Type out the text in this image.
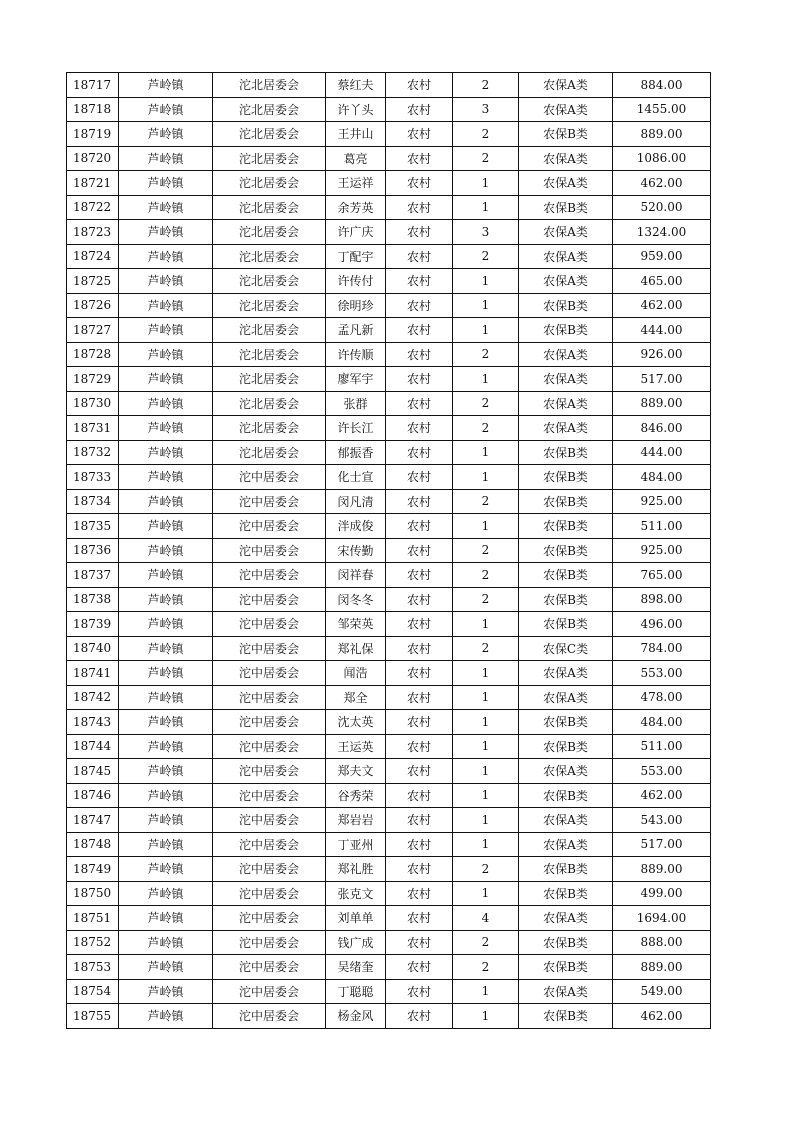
18717	芦岭镇	沱北居委会	蔡红夫	农村	2	农保A类	884.00
18718	芦岭镇	沱北居委会	许丫头	农村	3	农保A类	1455.00
18719	芦岭镇	沱北居委会	王井山	农村	2	农保B类	889.00
18720	芦岭镇	沱北居委会	葛亮	农村	2	农保A类	1086.00
18721	芦岭镇	沱北居委会	王运祥	农村	1	农保A类	462.00
18722	芦岭镇	沱北居委会	余芳英	农村	1	农保B类	520.00
18723	芦岭镇	沱北居委会	许广庆	农村	3	农保A类	1324.00
18724	芦岭镇	沱北居委会	丁配宇	农村	2	农保A类	959.00
18725	芦岭镇	沱北居委会	许传付	农村	1	农保A类	465.00
18726	芦岭镇	沱北居委会	徐明珍	农村	1	农保B类	462.00
18727	芦岭镇	沱北居委会	孟凡新	农村	1	农保B类	444.00
18728	芦岭镇	沱北居委会	许传顺	农村	2	农保A类	926.00
18729	芦岭镇	沱北居委会	廖军宇	农村	1	农保A类	517.00
18730	芦岭镇	沱北居委会	张群	农村	2	农保A类	889.00
18731	芦岭镇	沱北居委会	许长江	农村	2	农保A类	846.00
18732	芦岭镇	沱北居委会	郁振香	农村	1	农保B类	444.00
18733	芦岭镇	沱中居委会	化士宣	农村	1	农保B类	484.00
18734	芦岭镇	沱中居委会	闵凡清	农村	2	农保B类	925.00
18735	芦岭镇	沱中居委会	泮成俊	农村	1	农保B类	511.00
18736	芦岭镇	沱中居委会	宋传勤	农村	2	农保B类	925.00
18737	芦岭镇	沱中居委会	闵祥春	农村	2	农保B类	765.00
18738	芦岭镇	沱中居委会	闵冬冬	农村	2	农保B类	898.00
18739	芦岭镇	沱中居委会	邹荣英	农村	1	农保B类	496.00
18740	芦岭镇	沱中居委会	郑礼保	农村	2	农保C类	784.00
18741	芦岭镇	沱中居委会	闻浩	农村	1	农保A类	553.00
18742	芦岭镇	沱中居委会	郑全	农村	1	农保A类	478.00
18743	芦岭镇	沱中居委会	沈太英	农村	1	农保B类	484.00
18744	芦岭镇	沱中居委会	王运英	农村	1	农保B类	511.00
18745	芦岭镇	沱中居委会	郑夫文	农村	1	农保A类	553.00
18746	芦岭镇	沱中居委会	谷秀荣	农村	1	农保B类	462.00
18747	芦岭镇	沱中居委会	郑岩岩	农村	1	农保A类	543.00
18748	芦岭镇	沱中居委会	丁亚州	农村	1	农保A类	517.00
18749	芦岭镇	沱中居委会	郑礼胜	农村	2	农保B类	889.00
18750	芦岭镇	沱中居委会	张克文	农村	1	农保B类	499.00
18751	芦岭镇	沱中居委会	刘单单	农村	4	农保A类	1694.00
18752	芦岭镇	沱中居委会	钱广成	农村	2	农保B类	888.00
18753	芦岭镇	沱中居委会	吴绪奎	农村	2	农保B类	889.00
18754	芦岭镇	沱中居委会	丁聪聪	农村	1	农保A类	549.00
18755	芦岭镇	沱中居委会	杨金风	农村	1	农保B类	462.00
